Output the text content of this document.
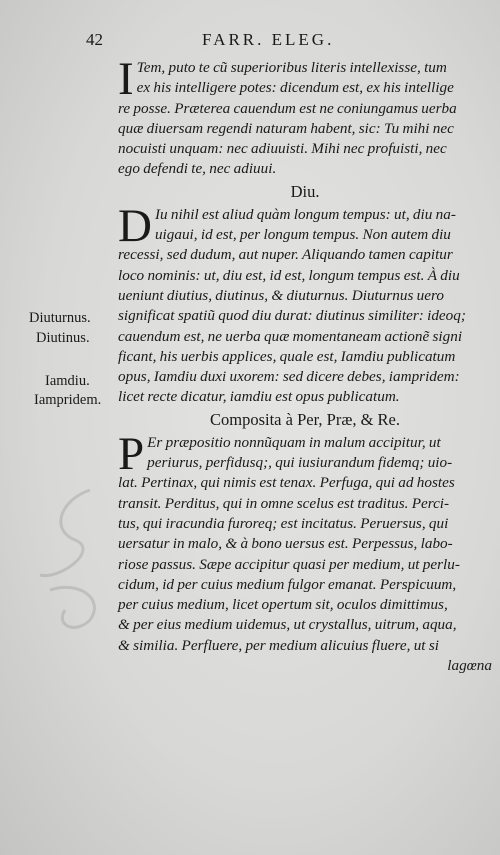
42	FARR. ELEG.

I Tem, puto te cũ superioribus literis intellexisse, tum
ex his intelligere potes: dicendum est, ex his intellige
re posse. Præterea cauendum est ne coniungamus uerba
quæ diuersam regendi naturam habent, sic: Tu mihi nec
nocuisti unquam: nec adiuuisti. Mihi nec profuisti, nec
ego defendi te, nec adiuui.

Diu.

D Iu nihil est aliud quàm longum tempus: ut, diu na-
uigaui, id est, per longum tempus. Non autem diu
recessi, sed dudum, aut nuper. Aliquando tamen capitur
loco nominis: ut, diu est, id est, longum tempus est. À diu
ueniunt diutius, diutinus, & diuturnus. Diuturnus uero
significat spatiũ quod diu durat: diutinus similiter: ideoq;
cauendum est, ne uerba quæ momentaneam actionẽ signi
ficant, his uerbis applices, quale est, Iamdiu publicatum
opus, Iamdiu duxi uxorem: sed dicere debes, iampridem:
licet recte dicatur, iamdiu est opus publicatum.

Composita à Per, Præ, & Re.

P Er præpositio nonnũquam in malum accipitur, ut
periurus, perfidusq;, qui iusiurandum fidemq; uio-
lat. Pertinax, qui nimis est tenax. Perfuga, qui ad hostes
transit. Perditus, qui in omne scelus est traditus. Perci-
tus, qui iracundia furoreq; est incitatus. Peruersus, qui
uersatur in malo, & à bono uersus est. Perpessus, labo-
riose passus. Sæpe accipitur quasi per medium, ut perlu-
cidum, id per cuius medium fulgor emanat. Perspicuum,
per cuius medium, licet opertum sit, oculos dimittimus,
& per eius medium uidemus, ut crystallus, uitrum, aqua,
& similia. Perfluere, per medium alicuius fluere, ut si

lagœna
Diuturnus.
Diutinus.
Iamdiu.
Iampridem.
